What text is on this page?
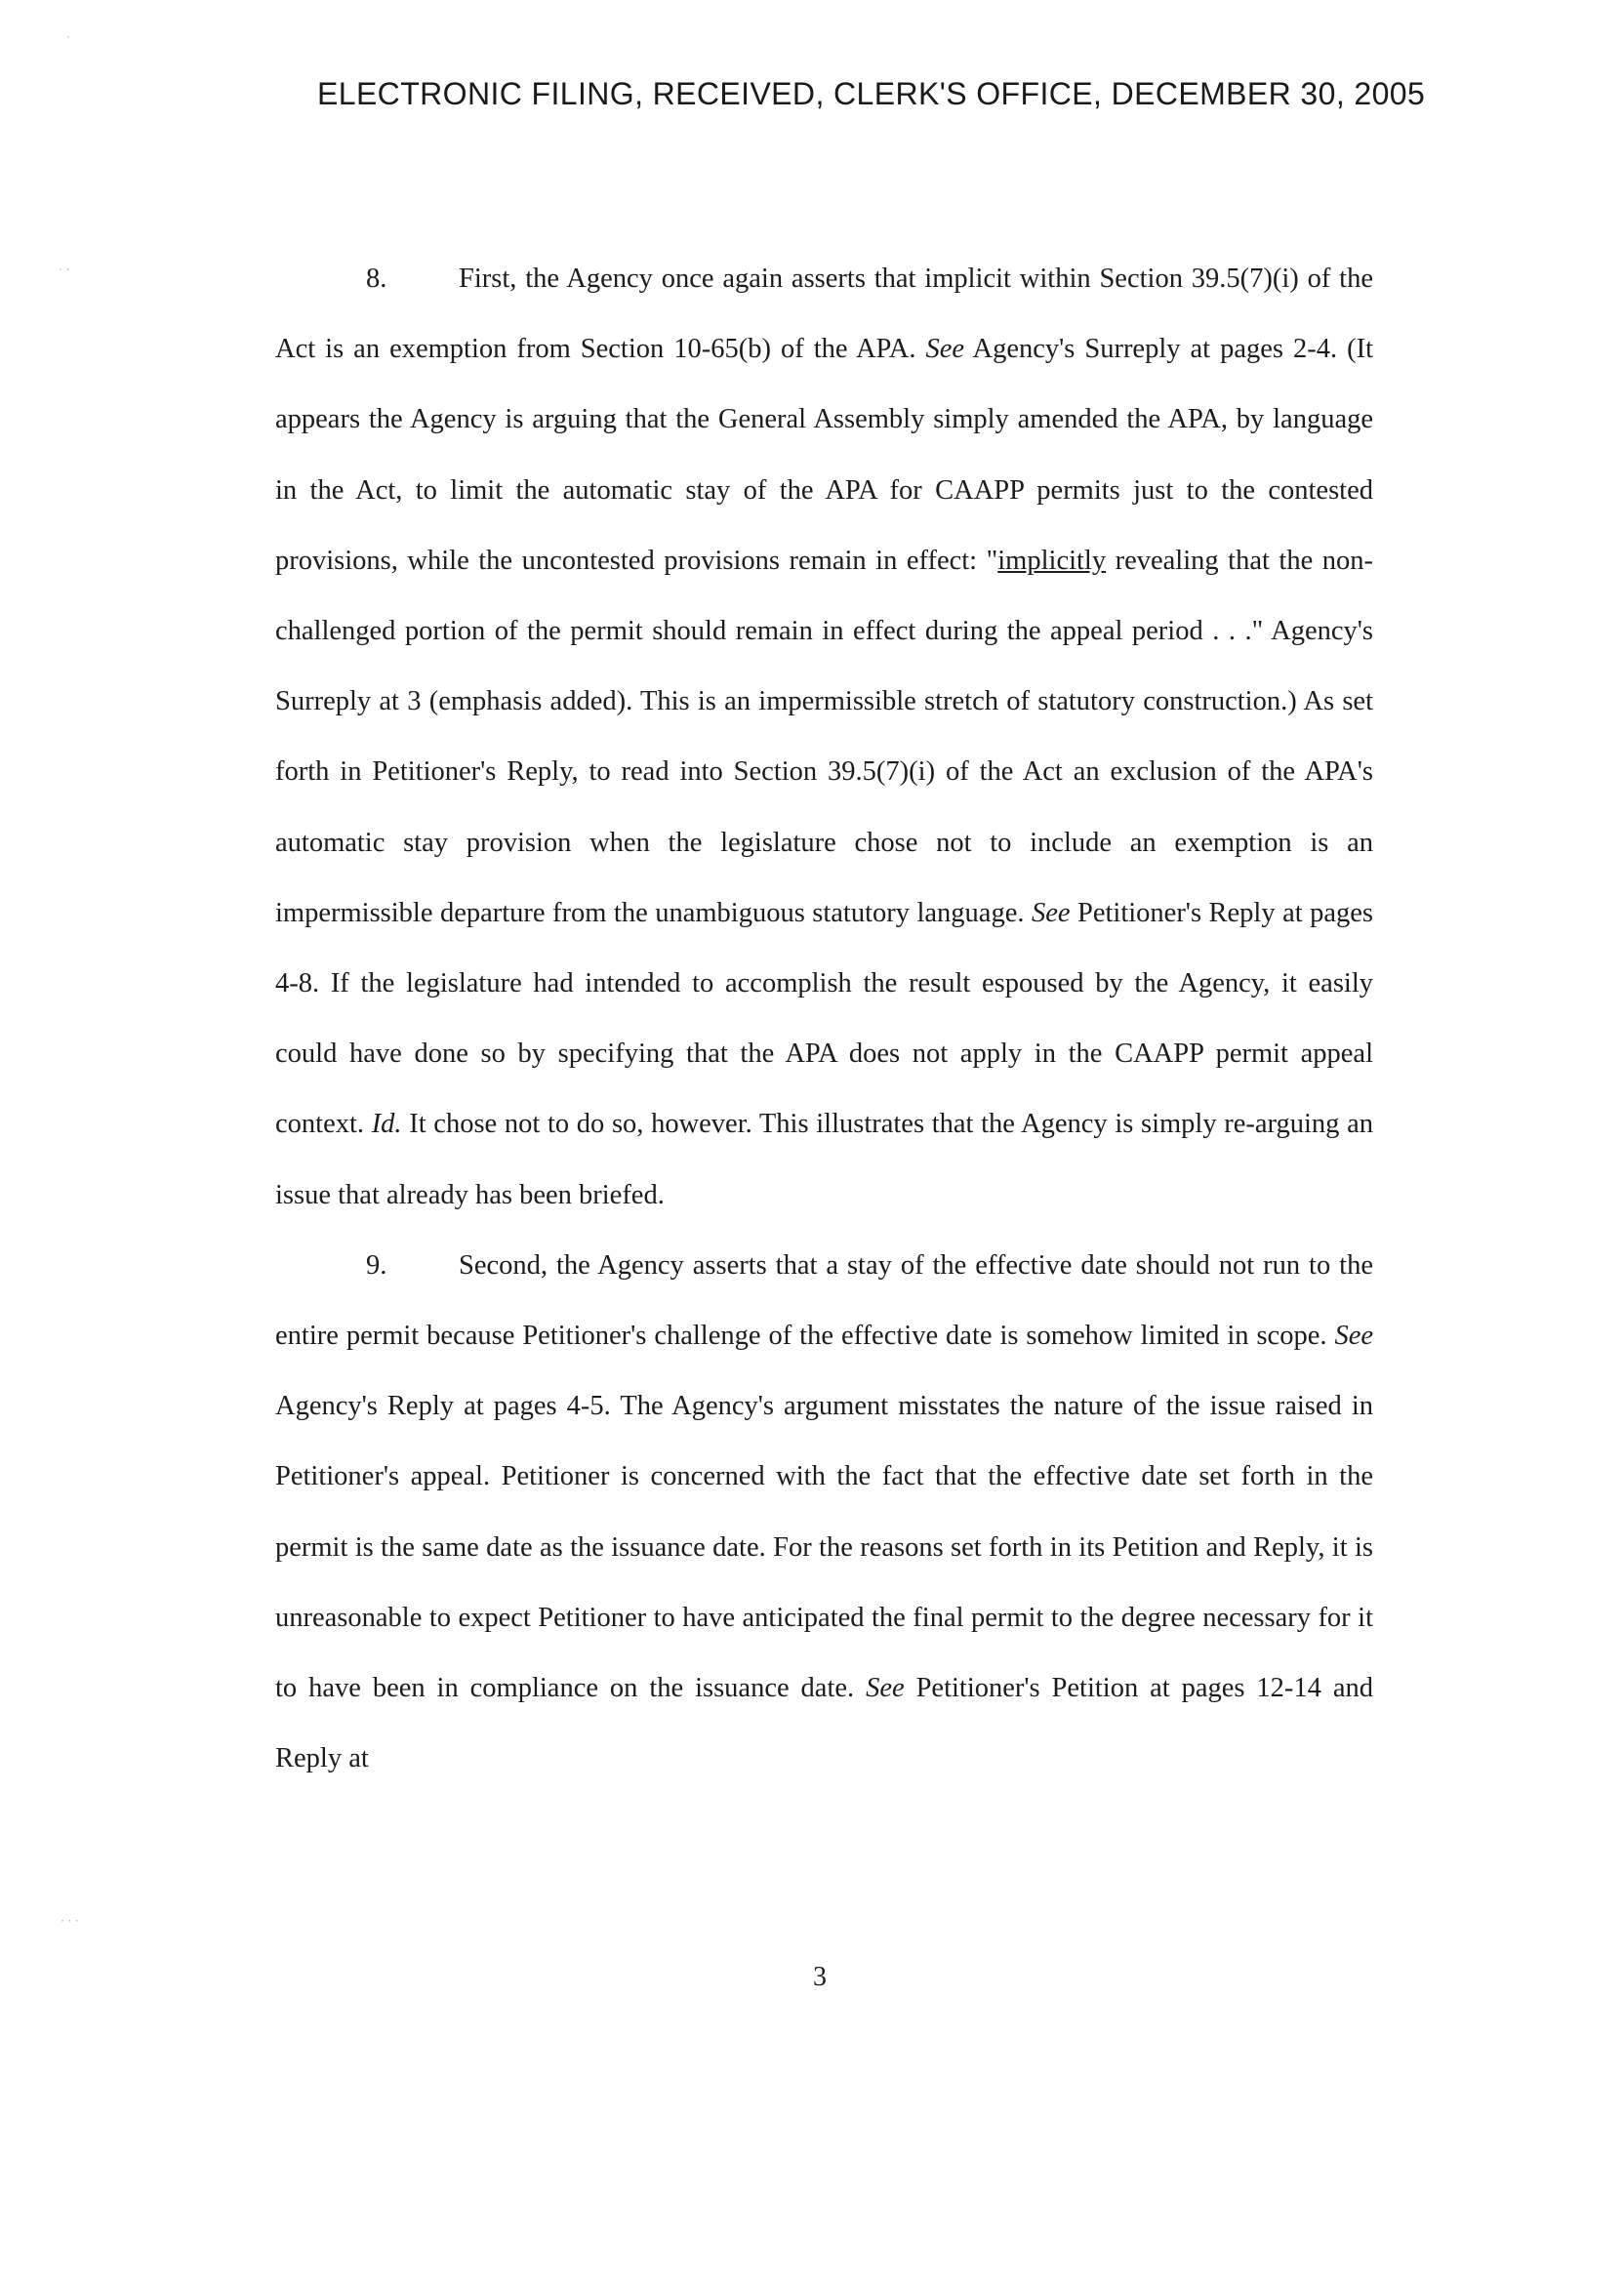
ELECTRONIC FILING, RECEIVED, CLERK'S OFFICE, DECEMBER 30, 2005

8.	First, the Agency once again asserts that implicit within Section 39.5(7)(i) of the Act is an exemption from Section 10-65(b) of the APA. See Agency's Surreply at pages 2-4. (It appears the Agency is arguing that the General Assembly simply amended the APA, by language in the Act, to limit the automatic stay of the APA for CAAPP permits just to the contested provisions, while the uncontested provisions remain in effect: "implicitly revealing that the non-challenged portion of the permit should remain in effect during the appeal period . . ." Agency's Surreply at 3 (emphasis added). This is an impermissible stretch of statutory construction.) As set forth in Petitioner's Reply, to read into Section 39.5(7)(i) of the Act an exclusion of the APA's automatic stay provision when the legislature chose not to include an exemption is an impermissible departure from the unambiguous statutory language. See Petitioner's Reply at pages 4-8. If the legislature had intended to accomplish the result espoused by the Agency, it easily could have done so by specifying that the APA does not apply in the CAAPP permit appeal context. Id. It chose not to do so, however. This illustrates that the Agency is simply re-arguing an issue that already has been briefed.

9.	Second, the Agency asserts that a stay of the effective date should not run to the entire permit because Petitioner's challenge of the effective date is somehow limited in scope. See Agency's Reply at pages 4-5. The Agency's argument misstates the nature of the issue raised in Petitioner's appeal. Petitioner is concerned with the fact that the effective date set forth in the permit is the same date as the issuance date. For the reasons set forth in its Petition and Reply, it is unreasonable to expect Petitioner to have anticipated the final permit to the degree necessary for it to have been in compliance on the issuance date. See Petitioner's Petition at pages 12-14 and Reply at

3
·
· ·
· · ·
